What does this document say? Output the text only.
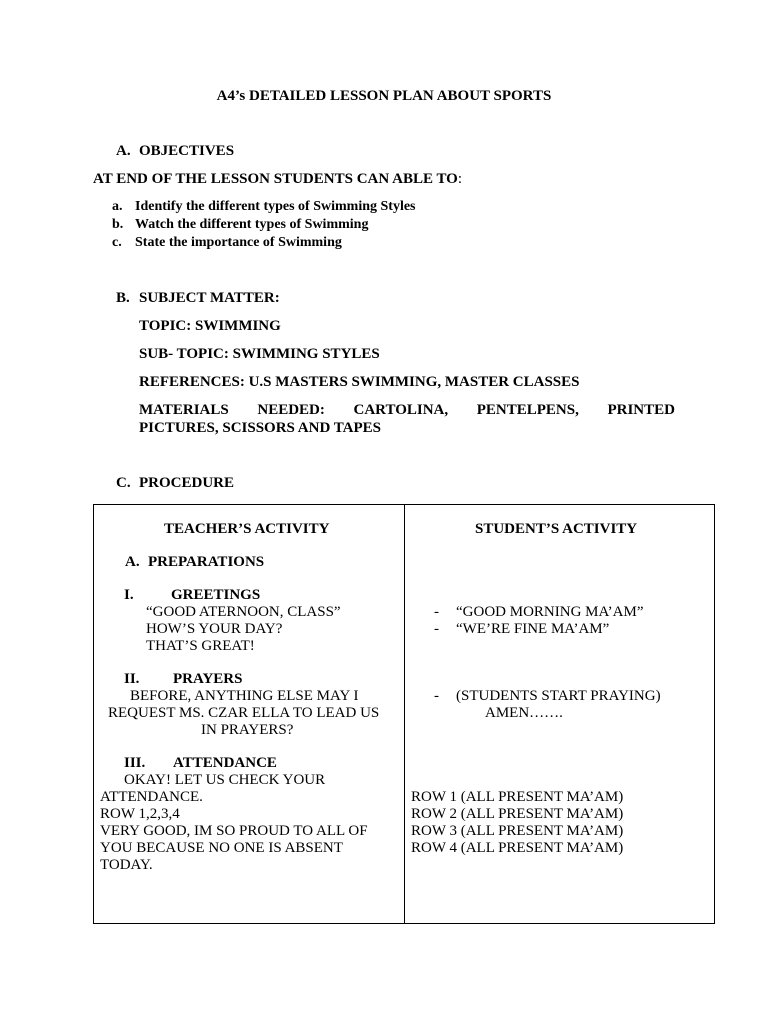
A4’s DETAILED LESSON PLAN ABOUT SPORTS
A. OBJECTIVES
AT END OF THE LESSON STUDENTS CAN ABLE TO:
a. Identify the different types of Swimming Styles
b. Watch the different types of Swimming
c. State the importance of Swimming
B. SUBJECT MATTER:
TOPIC: SWIMMING
SUB- TOPIC: SWIMMING STYLES
REFERENCES: U.S MASTERS SWIMMING, MASTER CLASSES
MATERIALS NEEDED: CARTOLINA, PENTELPENS, PRINTED
PICTURES, SCISSORS AND TAPES
C. PROCEDURE
TEACHER’S ACTIVITY
A. PREPARATIONS
I. GREETINGS
“GOOD ATERNOON, CLASS”
HOW’S YOUR DAY?
THAT’S GREAT!
II. PRAYERS
BEFORE, ANYTHING ELSE MAY I
REQUEST MS. CZAR ELLA TO LEAD US
IN PRAYERS?
III. ATTENDANCE
OKAY! LET US CHECK YOUR
ATTENDANCE.
ROW 1,2,3,4
VERY GOOD, IM SO PROUD TO ALL OF
YOU BECAUSE NO ONE IS ABSENT
TODAY.
STUDENT’S ACTIVITY
- “GOOD MORNING MA’AM”
- “WE’RE FINE MA’AM”
- (STUDENTS START PRAYING)
AMEN…….
ROW 1 (ALL PRESENT MA’AM)
ROW 2 (ALL PRESENT MA’AM)
ROW 3 (ALL PRESENT MA’AM)
ROW 4 (ALL PRESENT MA’AM)
